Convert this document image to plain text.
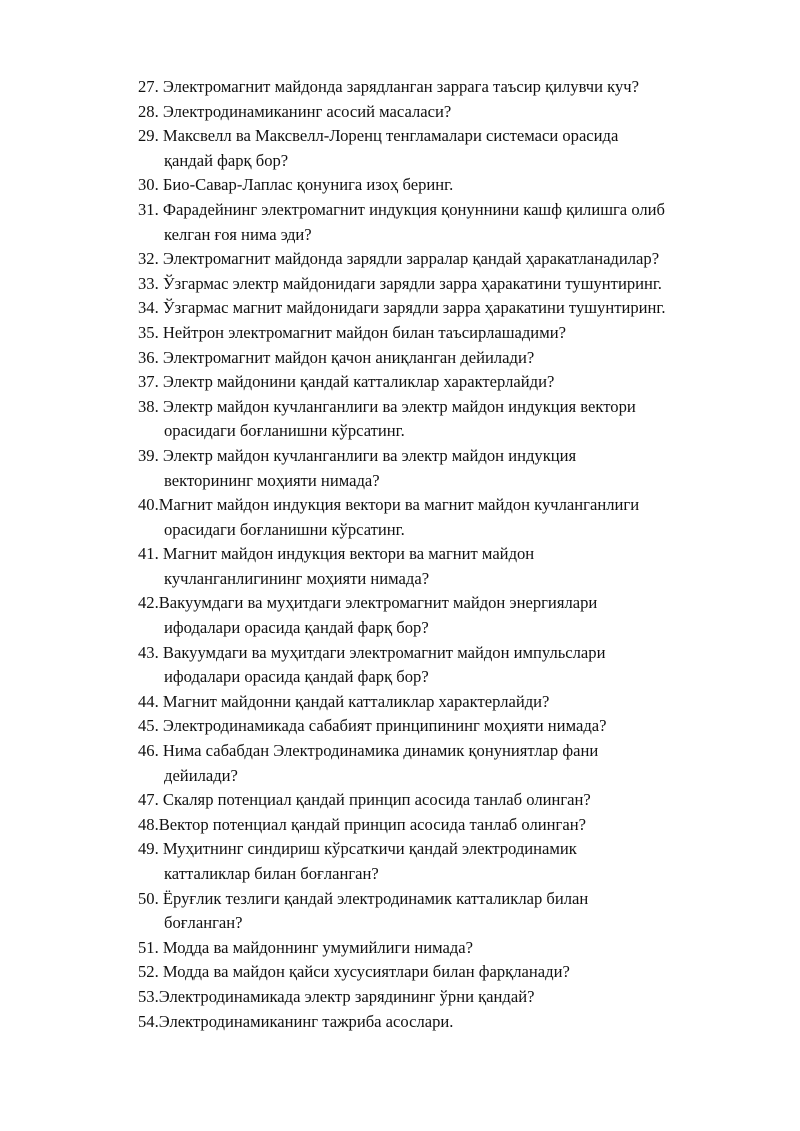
27. Электромагнит майдонда зарядланган заррага таъсир қилувчи куч?
28. Электродинамиканинг асосий масаласи?
29. Максвелл ва Максвелл-Лоренц тенгламалари системаси орасида
қандай фарқ бор?
30. Био-Савар-Лаплас қонунига изоҳ беринг.
31. Фарадейнинг электромагнит индукция қонуннини кашф қилишга олиб
келган ғоя нима эди?
32. Электромагнит майдонда зарядли зарралар қандай ҳаракатланадилар?
33. Ўзгармас электр майдонидаги зарядли зарра ҳаракатини тушунтиринг.
34. Ўзгармас магнит майдонидаги зарядли зарра ҳаракатини тушунтиринг.
35. Нейтрон электромагнит майдон билан таъсирлашадими?
36. Электромагнит майдон қачон аниқланган дейилади?
37. Электр майдонини қандай катталиклар характерлайди?
38. Электр майдон кучланганлиги ва электр майдон индукция вектори
орасидаги боғланишни кўрсатинг.
39. Электр майдон кучланганлиги ва электр майдон индукция
векторининг моҳияти нимада?
40.Магнит майдон индукция вектори ва магнит майдон кучланганлиги
орасидаги боғланишни кўрсатинг.
41. Магнит майдон индукция вектори ва магнит майдон
кучланганлигининг моҳияти нимада?
42.Вакуумдаги ва муҳитдаги электромагнит майдон энергиялари
ифодалари орасида қандай фарқ бор?
43. Вакуумдаги ва муҳитдаги электромагнит майдон импульслари
ифодалари орасида қандай фарқ бор?
44. Магнит майдонни қандай катталиклар характерлайди?
45. Электродинамикада сабабият принципининг моҳияти нимада?
46. Нима сабабдан Электродинамика динамик қонуниятлар фани
дейилади?
47. Скаляр потенциал қандай принцип асосида танлаб олинган?
48.Вектор потенциал қандай принцип асосида танлаб олинган?
49. Муҳитнинг синдириш кўрсаткичи қандай электродинамик
катталиклар билан боғланган?
50. Ёруғлик тезлиги қандай электродинамик катталиклар билан
боғланган?
51. Модда ва майдоннинг умумийлиги нимада?
52. Модда ва майдон қайси хусусиятлари билан фарқланади?
53.Электродинамикада электр зарядининг ўрни қандай?
54.Электродинамиканинг тажриба асослари.
